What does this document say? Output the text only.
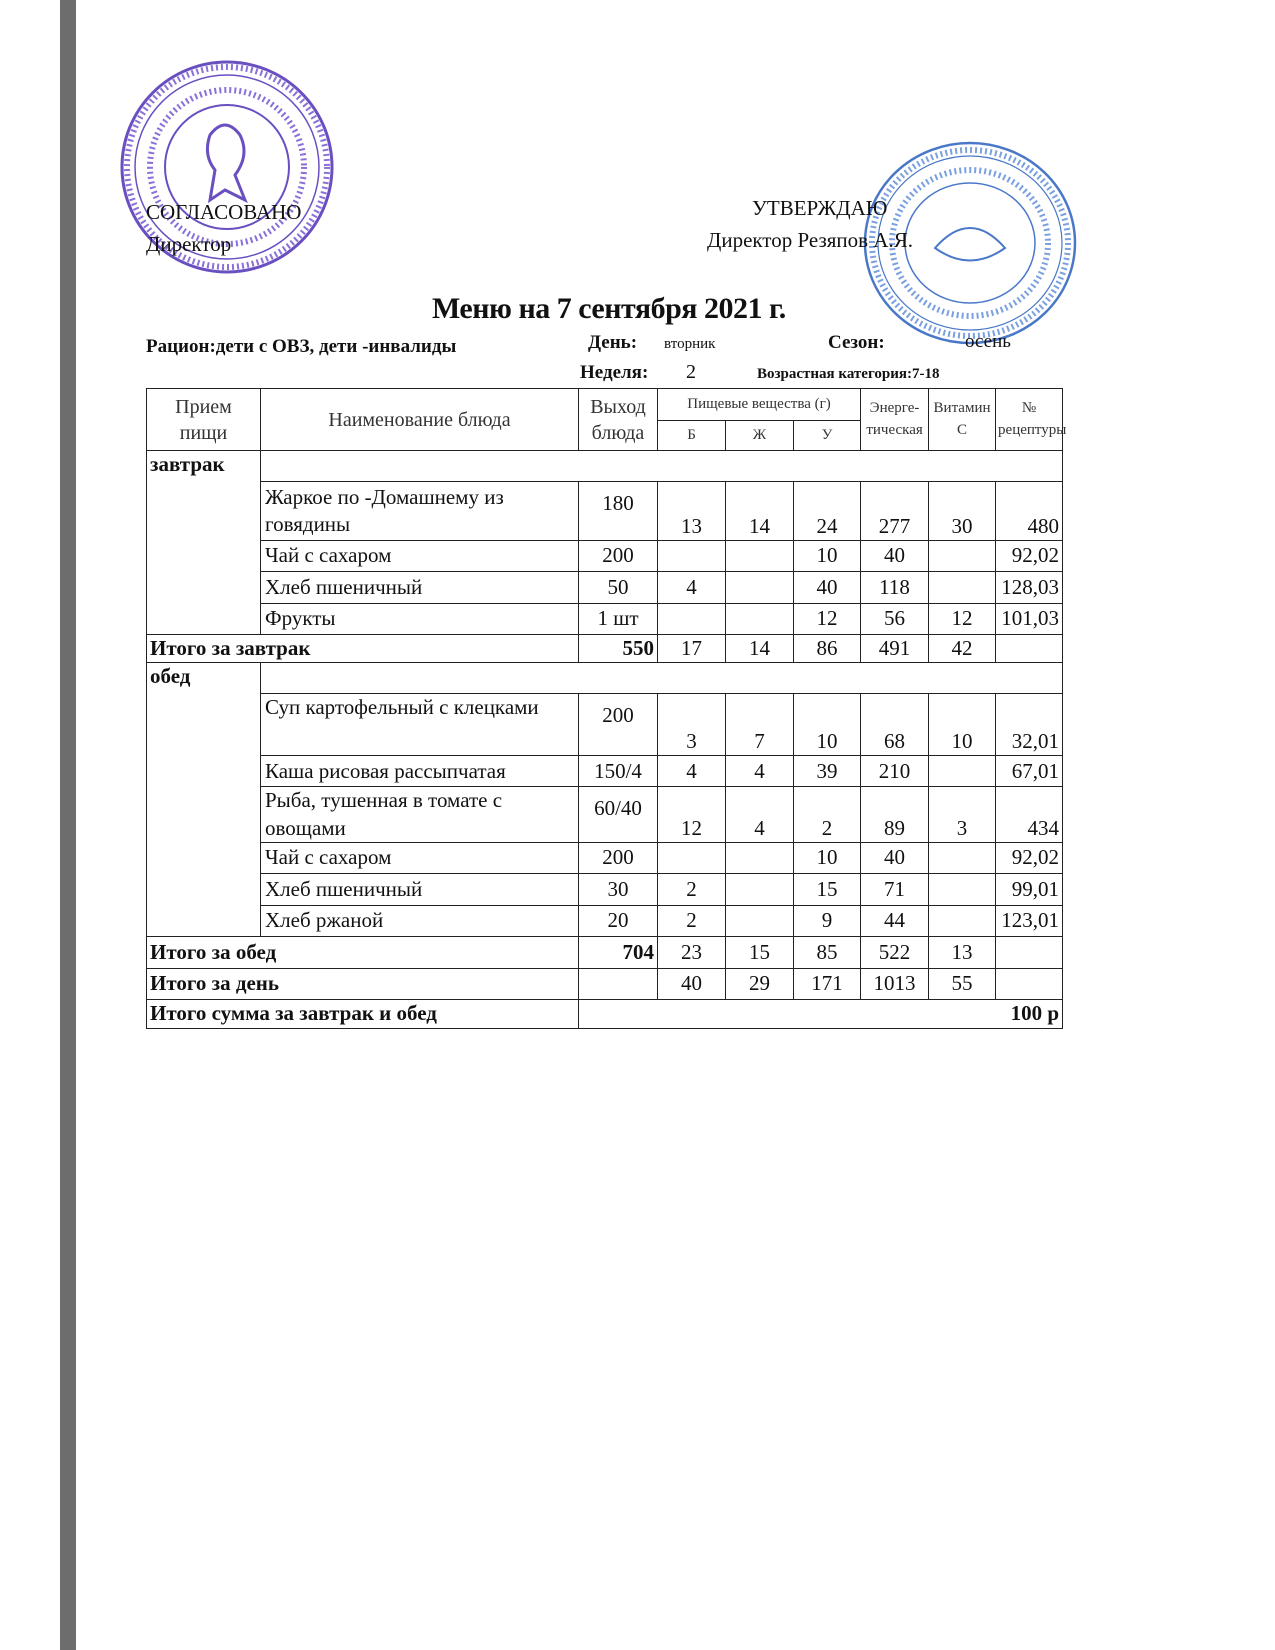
СОГЛАСОВАНО
Директор
УТВЕРЖДАЮ
Директор Резяпов А.Я.
Меню на 7 сентября 2021 г.
Рацион:дети с ОВЗ, дети -инвалиды	День: вторник	Сезон:	осень
Неделя: 2	Возрастная категория:7-18
Прием пищи	Наименование блюда	Выход блюда	Пищевые вещества (г)			Энерге-тическая	Витамин С	№ рецептуры
			Б	Ж	У			
завтрак								
	Жаркое по -Домашнему из говядины	180	13	14	24	277	30	480
	Чай с сахаром	200			10	40		92,02
	Хлеб пшеничный	50	4		40	118		128,03
	Фрукты	1 шт			12	56	12	101,03
Итого за завтрак		550	17	14	86	491	42	
обед								
	Суп картофельный с клецками	200	3	7	10	68	10	32,01
	Каша рисовая рассыпчатая	150/4	4	4	39	210		67,01
	Рыба, тушенная в томате с овощами	60/40	12	4	2	89	3	434
	Чай с сахаром	200			10	40		92,02
	Хлеб пшеничный	30	2		15	71		99,01
	Хлеб ржаной	20	2		9	44		123,01
Итого за обед		704	23	15	85	522	13	
Итого за день			40	29	171	1013	55	
Итого сумма за завтрак и обед		100 р						
